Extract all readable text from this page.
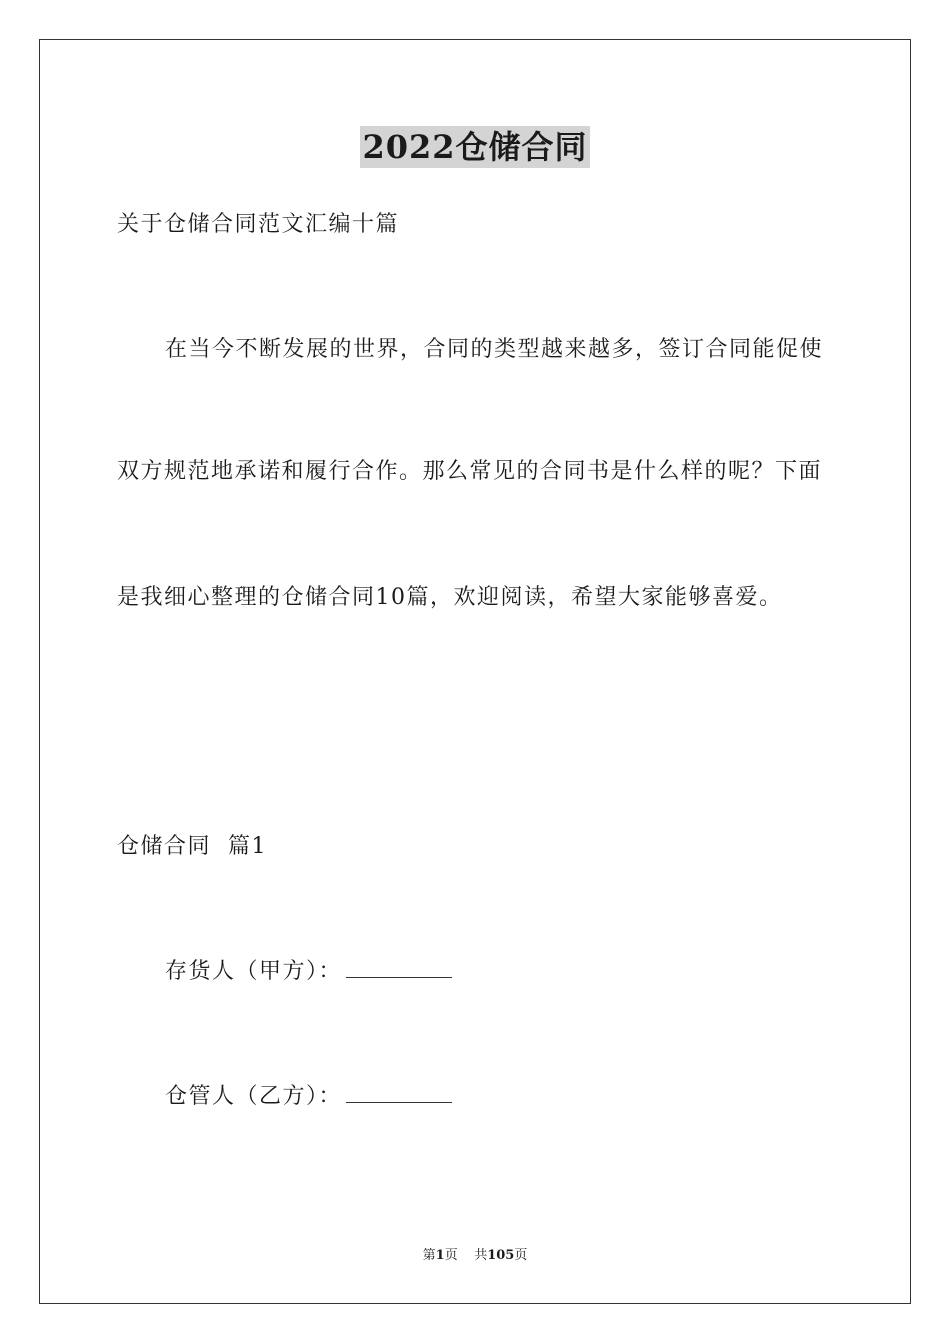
2022仓储合同
关于仓储合同范文汇编十篇
在当今不断发展的世界，合同的类型越来越多，签订合同能促使
双方规范地承诺和履行合作。那么常见的合同书是什么样的呢？下面
是我细心整理的仓储合同10篇，欢迎阅读，希望大家能够喜爱。
仓储合同  篇1
存货人（甲方）：
仓管人（乙方）：
第1页    共105页
